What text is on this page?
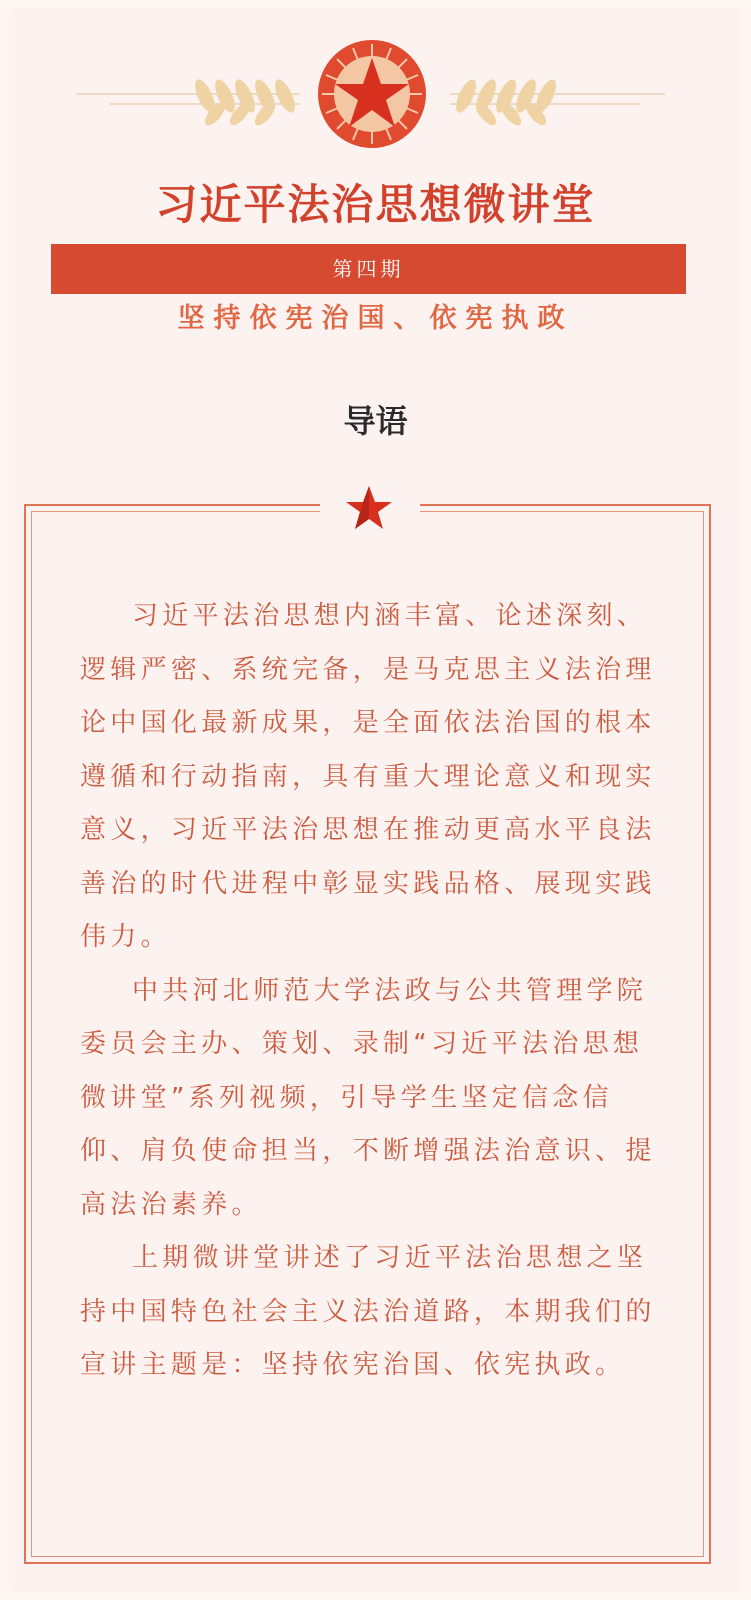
习近平法治思想微讲堂
第四期
坚持依宪治国、依宪执政
导语

习近平法治思想内涵丰富、论述深刻、逻辑严密、系统完备，是马克思主义法治理论中国化最新成果，是全面依法治国的根本遵循和行动指南，具有重大理论意义和现实意义，习近平法治思想在推动更高水平良法善治的时代进程中彰显实践品格、展现实践伟力。

中共河北师范大学法政与公共管理学院委员会主办、策划、录制“习近平法治思想微讲堂”系列视频，引导学生坚定信念信仰、肩负使命担当，不断增强法治意识、提高法治素养。

上期微讲堂讲述了习近平法治思想之坚持中国特色社会主义法治道路，本期我们的宣讲主题是：坚持依宪治国、依宪执政。
